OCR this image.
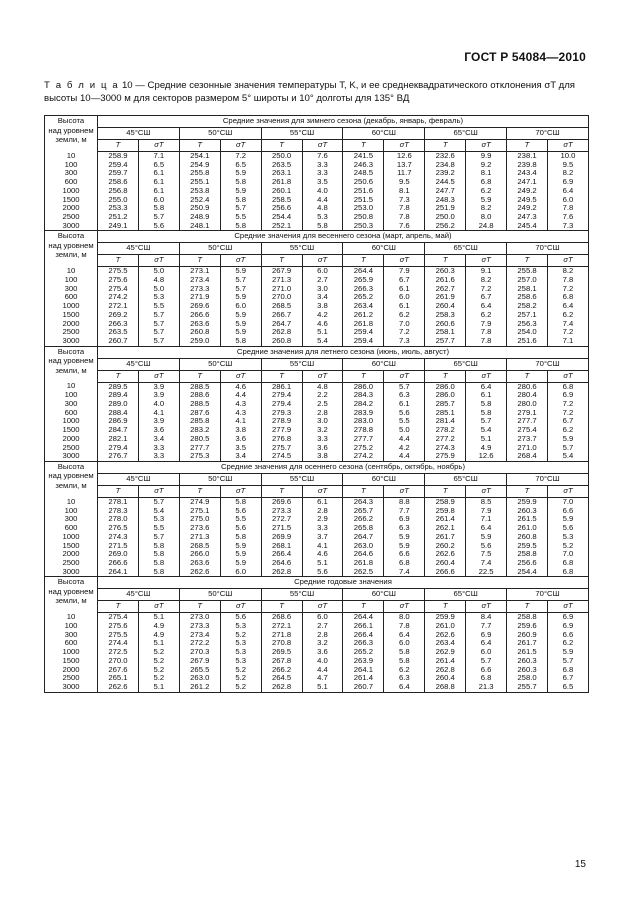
ГОСТ Р 54084—2010
Т а б л и ц а 10 — Средние сезонные значения температуры T, K, и ее среднеквадратического отклонения σT для высоты 10—3000 м для секторов размером 5° широты и 10° долготы для 135° ВД
Высота
над уровнем
земли, м	Средние значения для зимнего сезона (декабрь, январь, февраль)											
	45°СШ		50°СШ		55°СШ		60°СШ		65°СШ		70°СШ	
	T	σT	T	σT	T	σT	T	σT	T	σT	T	σT
10	258.9	7.1	254.1	7.2	250.0	7.6	241.5	12.6	232.6	9.9	238.1	10.0
100	259.4	6.5	254.9	6.5	263.5	3.3	246.3	13.7	234.8	9.2	239.8	9.5
300	259.7	6.1	255.8	5.9	263.1	3.3	248.5	11.7	239.2	8.1	243.4	8.2
600	258.6	6.1	255.1	5.8	261.8	3.5	250.6	9.5	244.5	6.8	247.1	6.9
1000	256.8	6.1	253.8	5.9	260.1	4.0	251.6	8.1	247.7	6.2	249.2	6.4
1500	255.0	6.0	252.4	5.8	258.5	4.4	251.5	7.3	248.3	5.9	249.5	6.0
2000	253.3	5.8	250.9	5.7	256.6	4.8	253.0	7.8	251.9	8.2	249.2	7.8
2500	251.2	5.7	248.9	5.5	254.4	5.3	250.8	7.8	250.0	8.0	247.3	7.6
3000	249.1	5.6	248.1	5.8	252.1	5.8	250.3	7.6	256.2	24.8	245.4	7.3

Высота
над уровнем
земли, м	Средние значения для весеннего сезона (март, апрель, май)											
	45°СШ		50°СШ		55°СШ		60°СШ		65°СШ		70°СШ	
	T	σT	T	σT	T	σT	T	σT	T	σT	T	σT
10	275.5	5.0	273.1	5.9	267.9	6.0	264.4	7.9	260.3	9.1	255.8	8.2
100	275.6	4.8	273.4	5.7	271.3	2.7	265.9	6.7	261.6	8.2	257.0	7.8
300	275.4	5.0	273.3	5.7	271.0	3.0	266.3	6.1	262.7	7.2	258.1	7.2
600	274.2	5.3	271.9	5.9	270.0	3.4	265.2	6.0	261.9	6.7	258.6	6.8
1000	272.1	5.5	269.6	6.0	268.5	3.8	263.4	6.1	260.4	6.4	258.2	6.4
1500	269.2	5.7	266.6	5.9	266.7	4.2	261.2	6.2	258.3	6.2	257.1	6.2
2000	266.3	5.7	263.6	5.9	264.7	4.6	261.8	7.0	260.6	7.9	256.3	7.4
2500	263.5	5.7	260.8	5.9	262.8	5.1	259.4	7.2	258.1	7.8	254.0	7.2
3000	260.7	5.7	259.0	5.8	260.8	5.4	259.4	7.3	257.7	7.8	251.6	7.1

Высота
над уровнем
земли, м	Средние значения для летнего сезона (июнь, июль, август)											
	45°СШ		50°СШ		55°СШ		60°СШ		65°СШ		70°СШ	
	T	σT	T	σT	T	σT	T	σT	T	σT	T	σT
10	289.5	3.9	288.5	4.6	286.1	4.8	286.0	5.7	286.0	6.4	280.6	6.8
100	289.4	3.9	288.6	4.4	279.4	2.2	284.3	6.3	286.0	6.1	280.4	6.9
300	289.0	4.0	288.5	4.3	279.4	2.5	284.2	6.1	285.7	5.8	280.0	7.2
600	288.4	4.1	287.6	4.3	279.3	2.8	283.9	5.6	285.1	5.8	279.1	7.2
1000	286.9	3.9	285.8	4.1	278.9	3.0	283.0	5.5	281.4	5.7	277.7	6.7
1500	284.7	3.6	283.2	3.8	277.9	3.2	278.8	5.0	278.2	5.4	275.4	6.2
2000	282.1	3.4	280.5	3.6	276.8	3.3	277.7	4.4	277.2	5.1	273.7	5.9
2500	279.4	3.3	277.7	3.5	275.7	3.6	275.2	4.2	274.3	4.9	271.0	5.7
3000	276.7	3.3	275.3	3.4	274.5	3.8	274.2	4.4	275.9	12.6	268.4	5.4

Высота
над уровнем
земли, м	Средние значения для осеннего сезона (сентябрь, октябрь, ноябрь)											
	45°СШ		50°СШ		55°СШ		60°СШ		65°СШ		70°СШ	
	T	σT	T	σT	T	σT	T	σT	T	σT	T	σT
10	278.1	5.7	274.9	5.8	269.6	6.1	264.3	8.8	258.9	8.5	259.9	7.0
100	278.3	5.4	275.1	5.6	273.3	2.8	265.7	7.7	259.8	7.9	260.3	6.6
300	278.0	5.3	275.0	5.5	272.7	2.9	266.2	6.9	261.4	7.1	261.5	5.9
600	276.5	5.5	273.6	5.6	271.5	3.3	265.8	6.3	262.1	6.4	261.0	5.6
1000	274.3	5.7	271.3	5.8	269.9	3.7	264.7	5.9	261.7	5.9	260.8	5.3
1500	271.5	5.8	268.5	5.9	268.1	4.1	263.0	5.9	260.2	5.6	259.5	5.2
2000	269.0	5.8	266.0	5.9	266.4	4.6	264.6	6.6	262.6	7.5	258.8	7.0
2500	266.6	5.8	263.6	5.9	264.6	5.1	261.8	6.8	260.4	7.4	256.6	6.8
3000	264.1	5.8	262.6	6.0	262.8	5.6	262.5	7.4	266.6	22.5	254.4	6.8

Высота
над уровнем
земли, м	Средние годовые значения											
	45°СШ		50°СШ		55°СШ		60°СШ		65°СШ		70°СШ	
	T	σT	T	σT	T	σT	T	σT	T	σT	T	σT
10	275.4	5.1	273.0	5.6	268.6	6.0	264.4	8.0	259.9	8.4	258.8	6.9
100	275.6	4.9	273.3	5.3	272.1	2.7	266.1	7.8	261.0	7.7	259.6	6.9
300	275.5	4.9	273.4	5.2	271.8	2.8	266.4	6.4	262.6	6.9	260.9	6.6
600	274.4	5.1	272.2	5.3	270.8	3.2	266.3	6.0	263.4	6.4	261.7	6.2
1000	272.5	5.2	270.3	5.3	269.5	3.6	265.2	5.8	262.9	6.0	261.5	5.9
1500	270.0	5.2	267.9	5.3	267.8	4.0	263.9	5.8	261.4	5.7	260.3	5.7
2000	267.6	5.2	265.5	5.2	266.2	4.4	264.1	6.2	262.8	6.6	260.3	6.8
2500	265.1	5.2	263.0	5.2	264.5	4.7	261.4	6.3	260.4	6.8	258.0	6.7
3000	262.6	5.1	261.2	5.2	262.8	5.1	260.7	6.4	268.8	21.3	255.7	6.5
15
